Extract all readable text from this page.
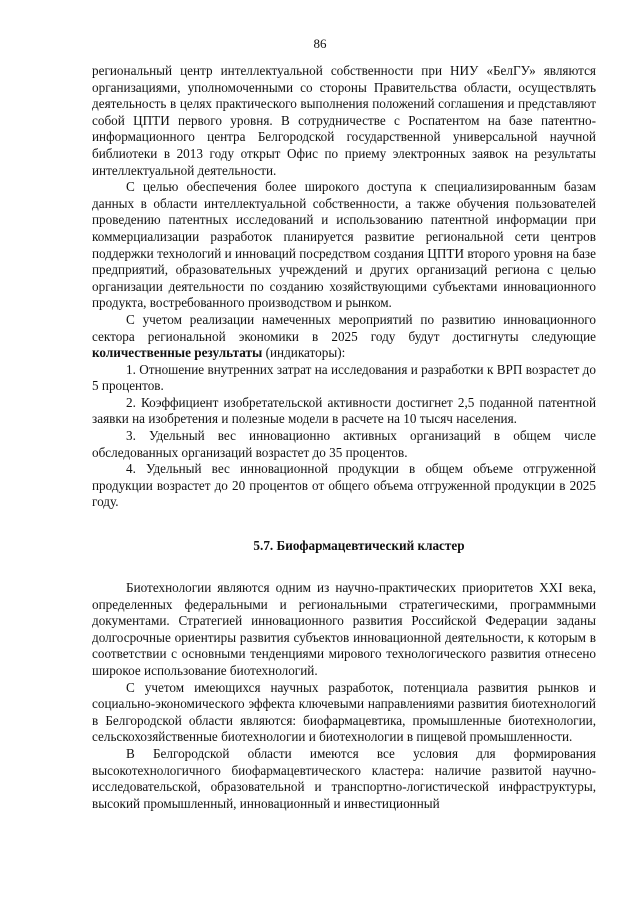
86

региональный центр интеллектуальной собственности при НИУ «БелГУ» являются организациями, уполномоченными со стороны Правительства области, осуществлять деятельность в целях практического выполнения положений соглашения и представляют собой ЦПТИ первого уровня. В сотрудничестве с Роспатентом на базе патентно-информационного центра Белгородской государственной универсальной научной библиотеки в 2013 году открыт Офис по приему электронных заявок на результаты интеллектуальной деятельности.

С целью обеспечения более широкого доступа к специализированным базам данных в области интеллектуальной собственности, а также обучения пользователей проведению патентных исследований и использованию патентной информации при коммерциализации разработок планируется развитие региональной сети центров поддержки технологий и инноваций посредством создания ЦПТИ второго уровня на базе предприятий, образовательных учреждений и других организаций региона с целью организации деятельности по созданию хозяйствующими субъектами инновационного продукта, востребованного производством и рынком.

С учетом реализации намеченных мероприятий по развитию инновационного сектора региональной экономики в 2025 году будут достигнуты следующие количественные результаты (индикаторы):

1. Отношение внутренних затрат на исследования и разработки к ВРП возрастет до 5 процентов.

2. Коэффициент изобретательской активности достигнет 2,5 поданной патентной заявки на изобретения и полезные модели в расчете на 10 тысяч населения.

3. Удельный вес инновационно активных организаций в общем числе обследованных организаций возрастет до 35 процентов.

4. Удельный вес инновационной продукции в общем объеме отгруженной продукции возрастет до 20 процентов от общего объема отгруженной продукции в 2025 году.

5.7. Биофармацевтический кластер

Биотехнологии являются одним из научно-практических приоритетов XXI века, определенных федеральными и региональными стратегическими, программными документами. Стратегией инновационного развития Российской Федерации заданы долгосрочные ориентиры развития субъектов инновационной деятельности, к которым в соответствии с основными тенденциями мирового технологического развития отнесено широкое использование биотехнологий.

С учетом имеющихся научных разработок, потенциала развития рынков и социально-экономического эффекта ключевыми направлениями развития биотехнологий в Белгородской области являются: биофармацевтика, промышленные биотехнологии, сельскохозяйственные биотехнологии и биотехнологии в пищевой промышленности.

В Белгородской области имеются все условия для формирования высокотехнологичного биофармацевтического кластера: наличие развитой научно-исследовательской, образовательной и транспортно-логистической инфраструктуры, высокий промышленный, инновационный и инвестиционный
